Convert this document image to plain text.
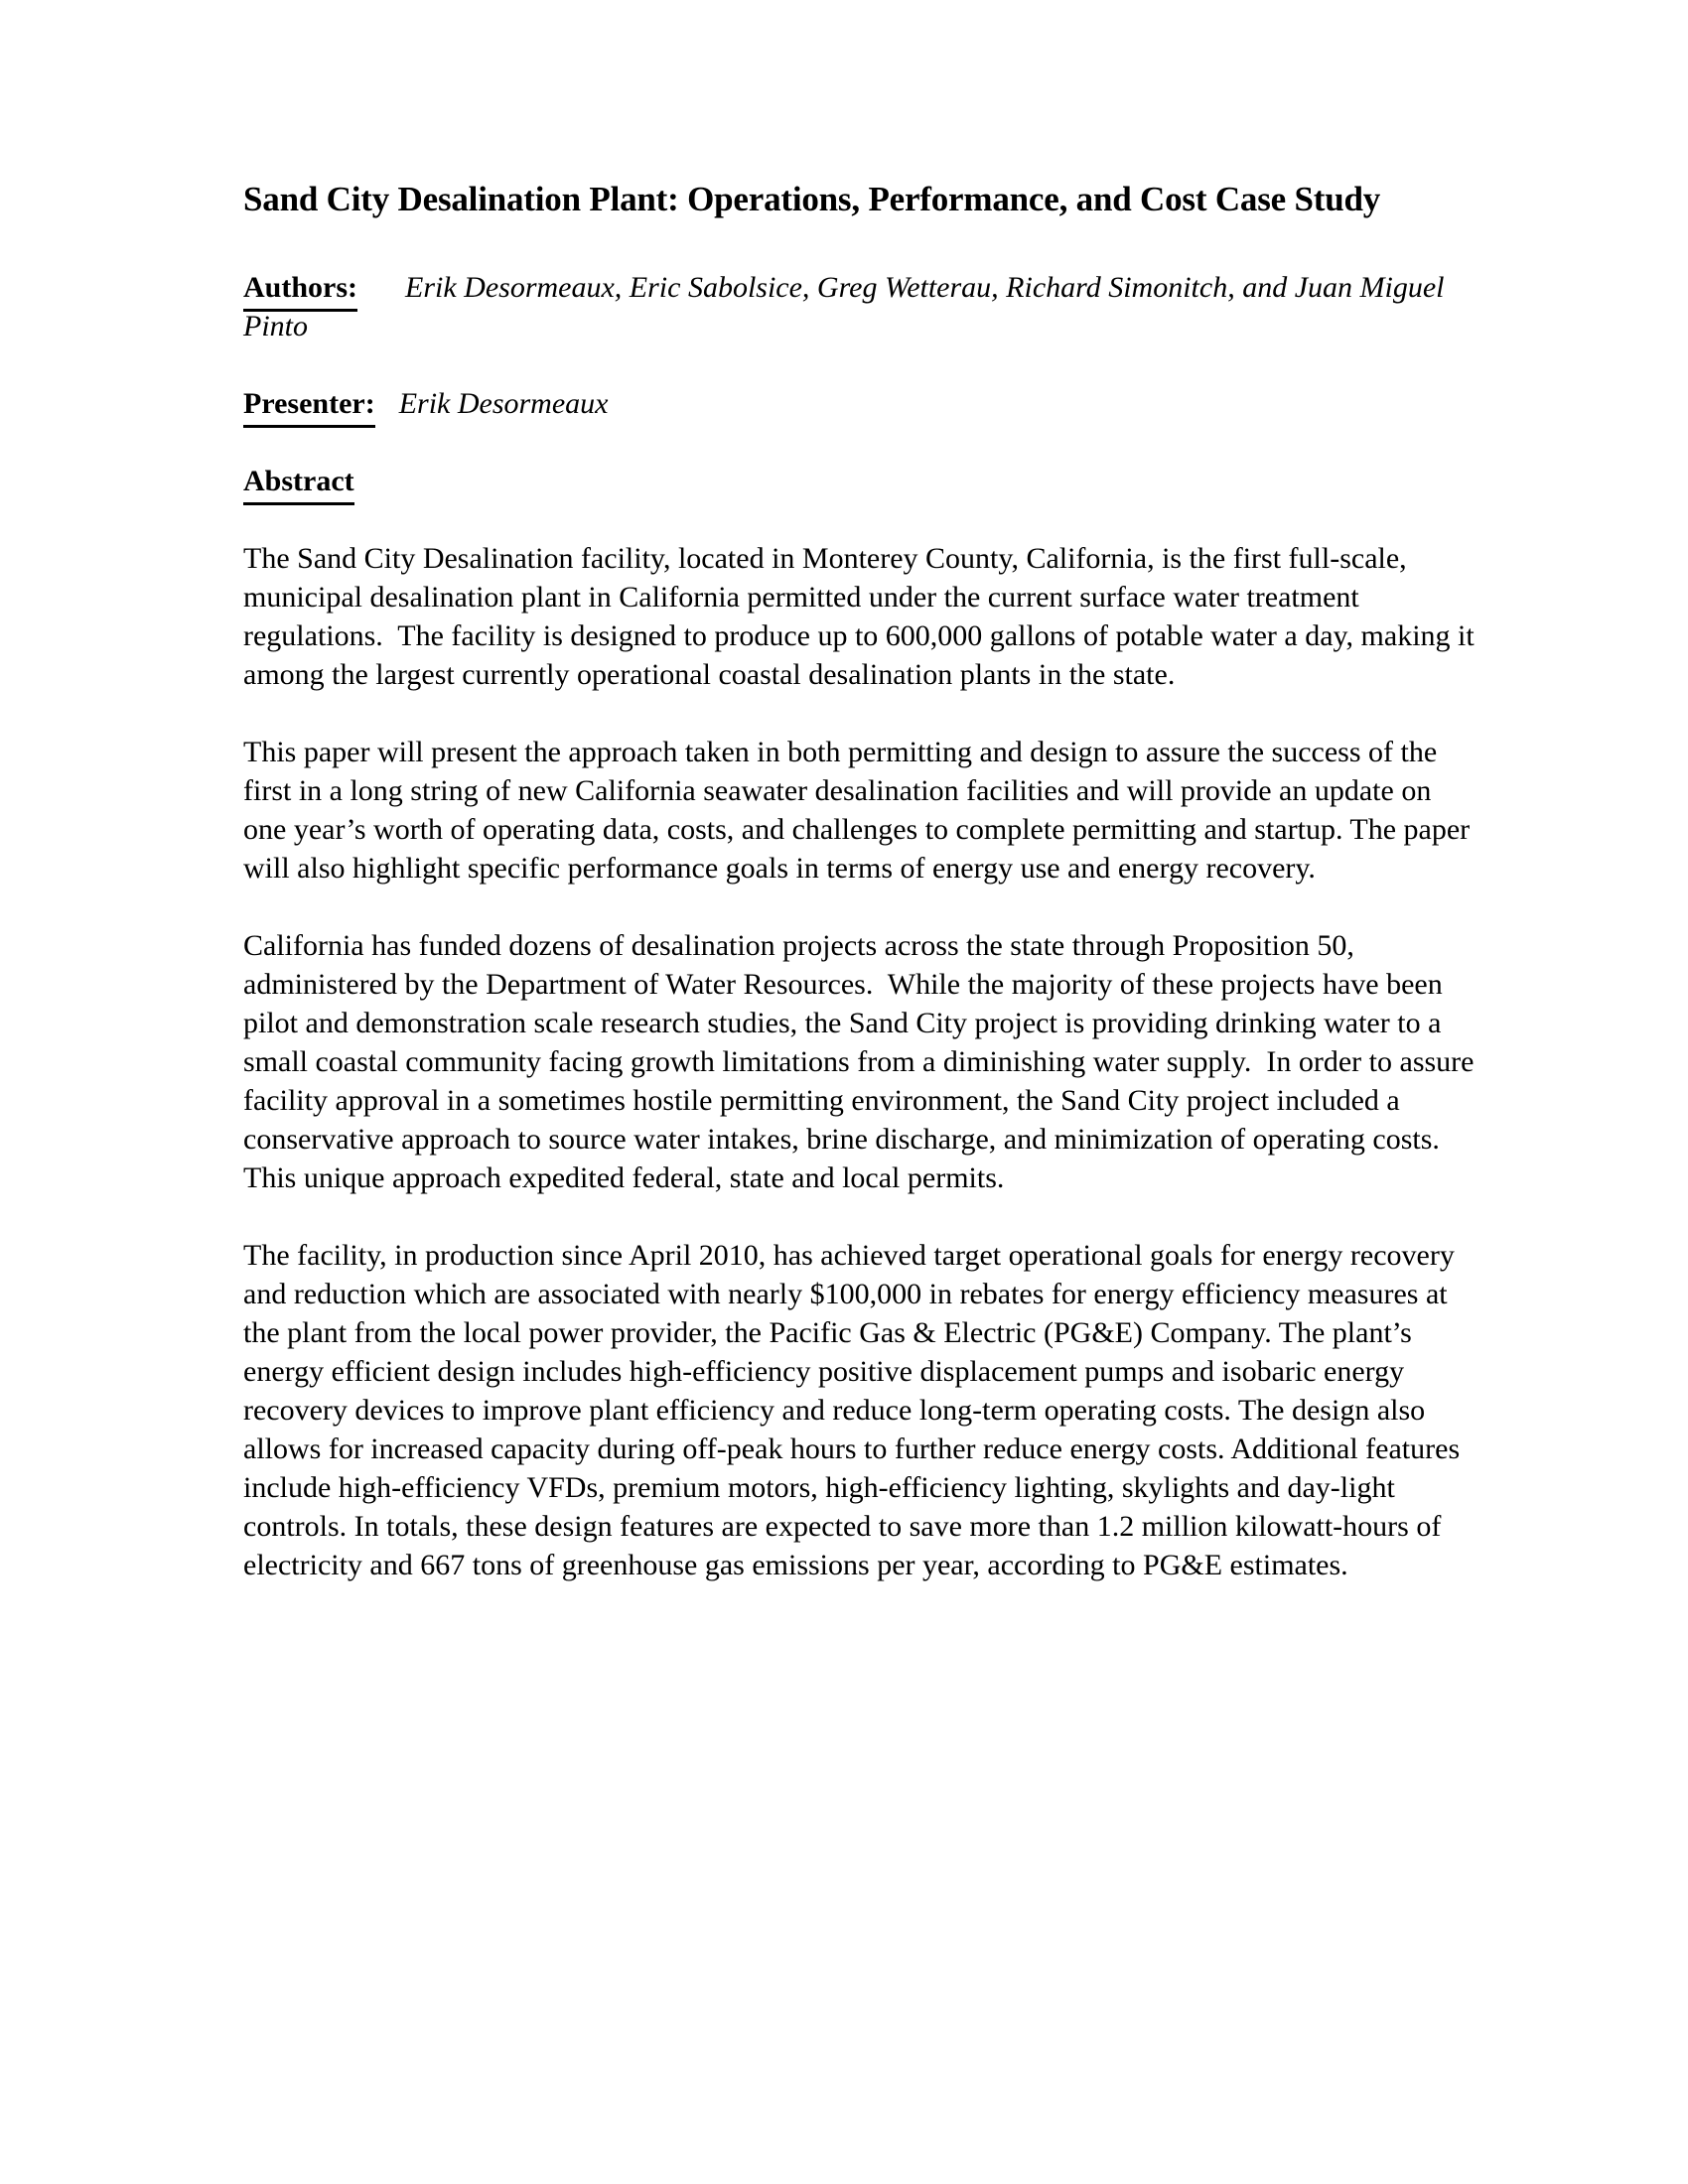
Sand City Desalination Plant: Operations, Performance, and Cost Case Study

Authors: Erik Desormeaux, Eric Sabolsice, Greg Wetterau, Richard Simonitch, and Juan Miguel Pinto

Presenter: Erik Desormeaux

Abstract

The Sand City Desalination facility, located in Monterey County, California, is the first full-scale, municipal desalination plant in California permitted under the current surface water treatment regulations.  The facility is designed to produce up to 600,000 gallons of potable water a day, making it among the largest currently operational coastal desalination plants in the state.

This paper will present the approach taken in both permitting and design to assure the success of the first in a long string of new California seawater desalination facilities and will provide an update on one year’s worth of operating data, costs, and challenges to complete permitting and startup. The paper will also highlight specific performance goals in terms of energy use and energy recovery.

California has funded dozens of desalination projects across the state through Proposition 50, administered by the Department of Water Resources.  While the majority of these projects have been pilot and demonstration scale research studies, the Sand City project is providing drinking water to a small coastal community facing growth limitations from a diminishing water supply.  In order to assure facility approval in a sometimes hostile permitting environment, the Sand City project included a conservative approach to source water intakes, brine discharge, and minimization of operating costs.  This unique approach expedited federal, state and local permits.

The facility, in production since April 2010, has achieved target operational goals for energy recovery and reduction which are associated with nearly $100,000 in rebates for energy efficiency measures at the plant from the local power provider, the Pacific Gas & Electric (PG&E) Company. The plant’s energy efficient design includes high-efficiency positive displacement pumps and isobaric energy recovery devices to improve plant efficiency and reduce long-term operating costs. The design also allows for increased capacity during off-peak hours to further reduce energy costs. Additional features include high-efficiency VFDs, premium motors, high-efficiency lighting, skylights and day-light controls. In totals, these design features are expected to save more than 1.2 million kilowatt-hours of electricity and 667 tons of greenhouse gas emissions per year, according to PG&E estimates.
